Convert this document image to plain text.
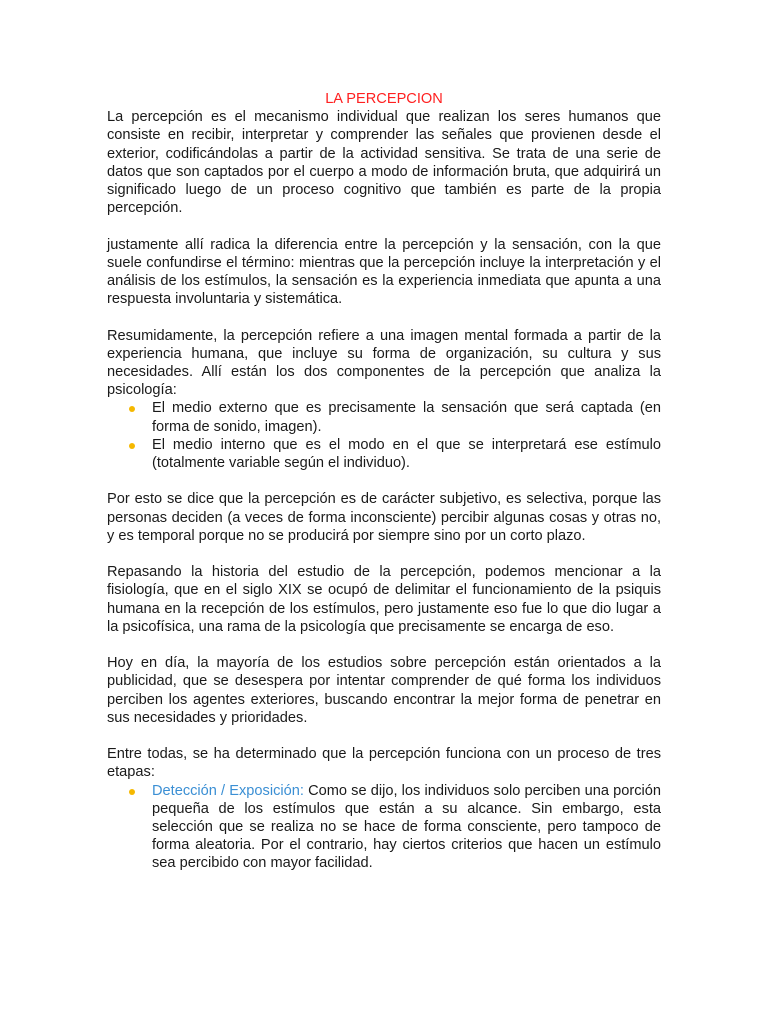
LA PERCEPCION

La percepción es el mecanismo individual que realizan los seres humanos que consiste en recibir, interpretar y comprender las señales que provienen desde el exterior, codificándolas a partir de la actividad sensitiva. Se trata de una serie de datos que son captados por el cuerpo a modo de información bruta, que adquirirá un significado luego de un proceso cognitivo que también es parte de la propia percepción.

justamente allí radica la diferencia entre la percepción y la sensación, con la que suele confundirse el término: mientras que la percepción incluye la interpretación y el análisis de los estímulos, la sensación es la experiencia inmediata que apunta a una respuesta involuntaria y sistemática.

Resumidamente, la percepción refiere a una imagen mental formada a partir de la experiencia humana, que incluye su forma de organización, su cultura y sus necesidades. Allí están los dos componentes de la percepción que analiza la psicología:

El medio externo que es precisamente la sensación que será captada (en forma de sonido, imagen).
El medio interno que es el modo en el que se interpretará ese estímulo (totalmente variable según el individuo).

Por esto se dice que la percepción es de carácter subjetivo, es selectiva, porque las personas deciden (a veces de forma inconsciente) percibir algunas cosas y otras no, y es temporal porque no se producirá por siempre sino por un corto plazo.

Repasando la historia del estudio de la percepción, podemos mencionar a la fisiología, que en el siglo XIX se ocupó de delimitar el funcionamiento de la psiquis humana en la recepción de los estímulos, pero justamente eso fue lo que dio lugar a la psicofísica, una rama de la psicología que precisamente se encarga de eso.

Hoy en día, la mayoría de los estudios sobre percepción están orientados a la publicidad, que se desespera por intentar comprender de qué forma los individuos perciben los agentes exteriores, buscando encontrar la mejor forma de penetrar en sus necesidades y prioridades.

Entre todas, se ha determinado que la percepción funciona con un proceso de tres etapas:

Detección / Exposición: Como se dijo, los individuos solo perciben una porción pequeña de los estímulos que están a su alcance. Sin embargo, esta selección que se realiza no se hace de forma consciente, pero tampoco de forma aleatoria. Por el contrario, hay ciertos criterios que hacen un estímulo sea percibido con mayor facilidad.
